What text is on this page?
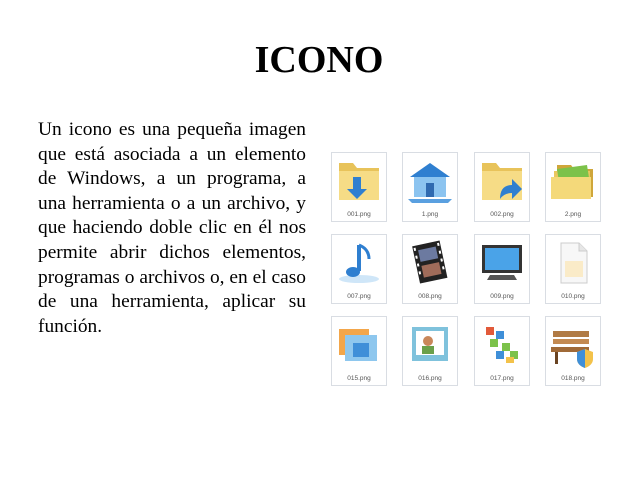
ICONO
Un icono es una pequeña imagen que está asociada a un elemento de Windows, a un programa, a una herramienta o a un archivo, y que haciendo doble clic en él nos permite abrir dichos elementos, programas o archivos o, en el caso de una herramienta, aplicar su función.
001.png	1.png	002.png	2.png
007.png	008.png	009.png	010.png
015.png	016.png	017.png	018.png
